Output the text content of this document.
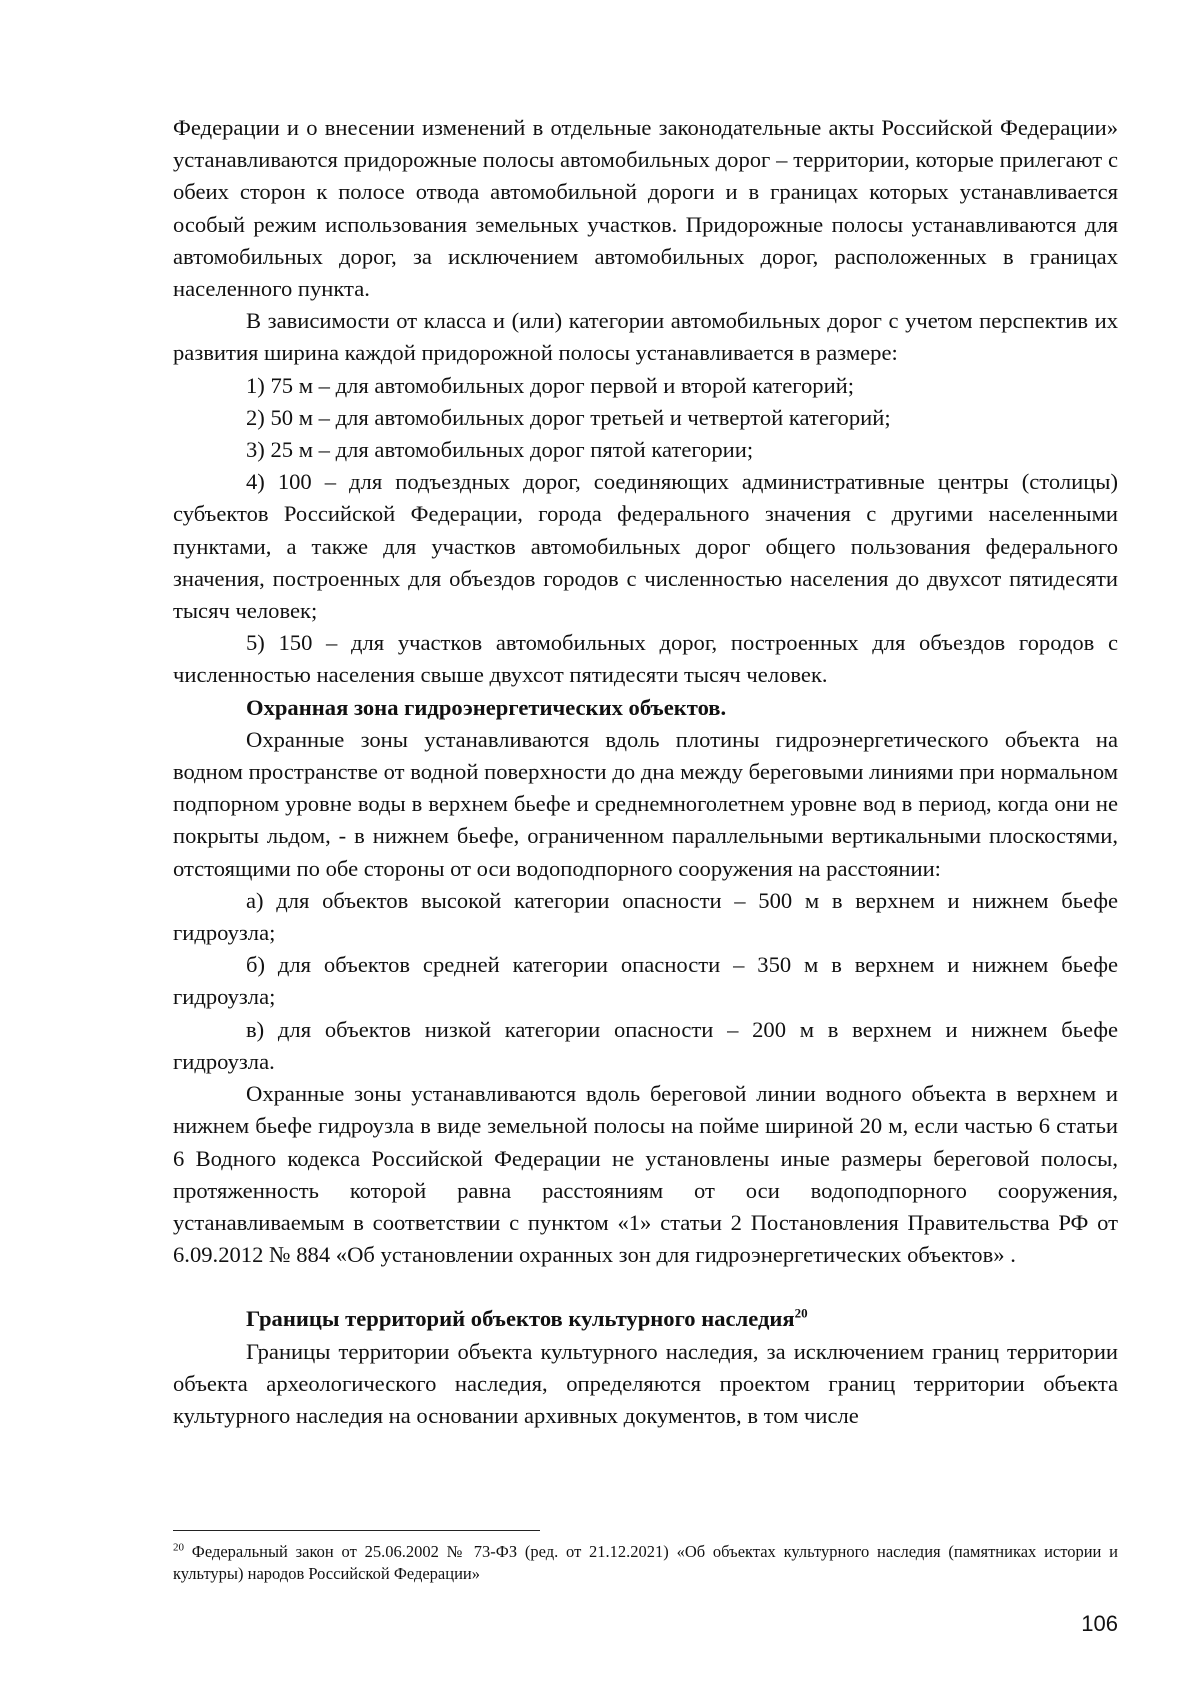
Федерации и о внесении изменений в отдельные законодательные акты Российской Федерации» устанавливаются придорожные полосы автомобильных дорог – территории, которые прилегают с обеих сторон к полосе отвода автомобильной дороги и в границах которых устанавливается особый режим использования земельных участков. Придорожные полосы устанавливаются для автомобильных дорог, за исключением автомобильных дорог, расположенных в границах населенного пункта.

В зависимости от класса и (или) категории автомобильных дорог с учетом перспектив их развития ширина каждой придорожной полосы устанавливается в размере:

1) 75 м – для автомобильных дорог первой и второй категорий;

2) 50 м – для автомобильных дорог третьей и четвертой категорий;

3) 25 м – для автомобильных дорог пятой категории;

4) 100 – для подъездных дорог, соединяющих административные центры (столицы) субъектов Российской Федерации, города федерального значения с другими населенными пунктами, а также для участков автомобильных дорог общего пользования федерального значения, построенных для объездов городов с численностью населения до двухсот пятидесяти тысяч человек;

5) 150 – для участков автомобильных дорог, построенных для объездов городов с численностью населения свыше двухсот пятидесяти тысяч человек.

Охранная зона гидроэнергетических объектов.

Охранные зоны устанавливаются вдоль плотины гидроэнергетического объекта на водном пространстве от водной поверхности до дна между береговыми линиями при нормальном подпорном уровне воды в верхнем бьефе и среднемноголетнем уровне вод в период, когда они не покрыты льдом, - в нижнем бьефе, ограниченном параллельными вертикальными плоскостями, отстоящими по обе стороны от оси водоподпорного сооружения на расстоянии:

а) для объектов высокой категории опасности – 500 м в верхнем и нижнем бьефе гидроузла;

б) для объектов средней категории опасности – 350 м в верхнем и нижнем бьефе гидроузла;

в) для объектов низкой категории опасности – 200 м в верхнем и нижнем бьефе гидроузла.

Охранные зоны устанавливаются вдоль береговой линии водного объекта в верхнем и нижнем бьефе гидроузла в виде земельной полосы на пойме шириной 20 м, если частью 6 статьи 6 Водного кодекса Российской Федерации не установлены иные размеры береговой полосы, протяженность которой равна расстояниям от оси водоподпорного сооружения, устанавливаемым в соответствии с пунктом «1» статьи 2 Постановления Правительства РФ от 6.09.2012 № 884 «Об установлении охранных зон для гидроэнергетических объектов» .

Границы территорий объектов культурного наследия$^{20}$

Границы территории объекта культурного наследия, за исключением границ территории объекта археологического наследия, определяются проектом границ территории объекта культурного наследия на основании архивных документов, в том числе

$^{20}$ Федеральный закон от 25.06.2002 № 73-ФЗ (ред. от 21.12.2021) «Об объектах культурного наследия (памятниках истории и культуры) народов Российской Федерации»
106
